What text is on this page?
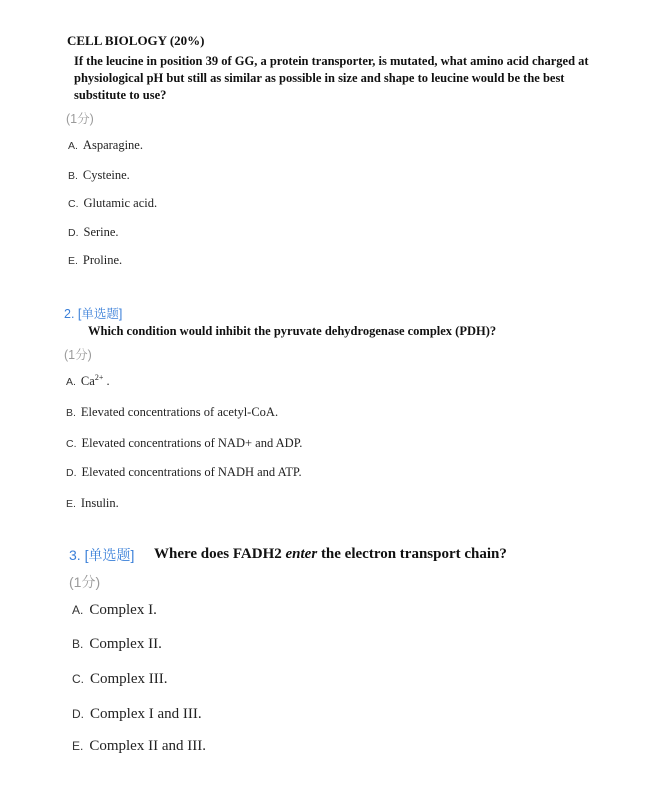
CELL BIOLOGY (20%)
If the leucine in position 39 of GG, a protein transporter, is mutated, what amino acid charged at physiological pH but still as similar as possible in size and shape to leucine would be the best substitute to use?
(1分)
A. Asparagine.
B. Cysteine.
C. Glutamic acid.
D. Serine.
E. Proline.
2. [单选题]
Which condition would inhibit the pyruvate dehydrogenase complex (PDH)?
(1分)
A. $Ca^{2+}$ .
B. Elevated concentrations of acetyl-CoA.
C. Elevated concentrations of NAD+ and ADP.
D. Elevated concentrations of NADH and ATP.
E. Insulin.
3. [单选题] Where does FADH2 enter the electron transport chain?
(1分)
A. Complex I.
B. Complex II.
C. Complex III.
D. Complex I and III.
E. Complex II and III.
